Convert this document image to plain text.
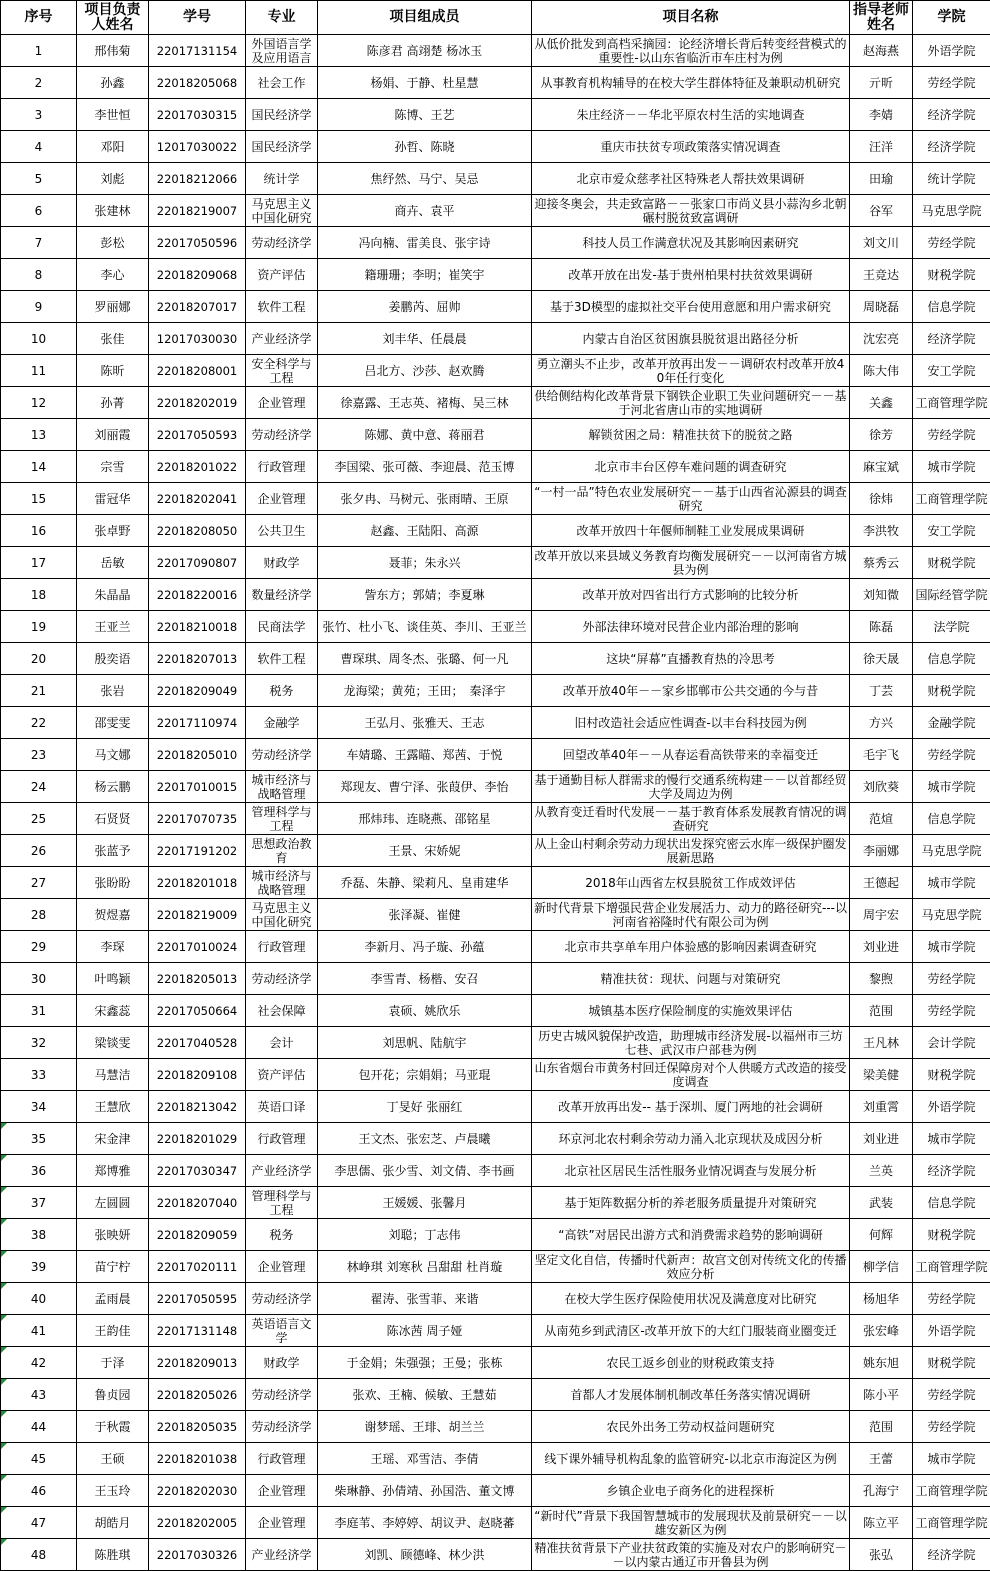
序号	项目负责人姓名	学号	专业	项目组成员	项目名称	指导老师姓名	学院
1	邢伟菊	22017131154	外国语言学及应用语言	陈彦君 高翊楚 杨冰玉	从低价批发到高档采摘园：论经济增长背后转变经营模式的重要性-以山东省临沂市车庄村为例	赵海燕	外语学院
2	孙鑫	22018205068	社会工作	杨娟、于静、杜星慧	从事教育机构辅导的在校大学生群体特征及兼职动机研究	亓昕	劳经学院
3	李世恒	22017030315	国民经济学	陈博、王艺	朱庄经济－－华北平原农村生活的实地调查	李婧	经济学院
4	邓阳	12017030022	国民经济学	孙哲、陈晓	重庆市扶贫专项政策落实情况调查	汪洋	经济学院
5	刘彪	22018212066	统计学	焦纾然、马宁、吴忌	北京市爱众慈孝社区特殊老人帮扶效果调研	田瑜	统计学院
6	张建林	22018219007	马克思主义中国化研究	商卉、袁平	迎接冬奥会，共走致富路－－张家口市尚义县小蒜沟乡北朝碾村脱贫致富调研	谷军	马克思学院
7	彭松	22017050596	劳动经济学	冯向楠、雷美良、张宇诗	科技人员工作满意状况及其影响因素研究	刘文川	劳经学院
8	李心	22018209068	资产评估	籍珊珊；李明；崔笑宇	改革开放在出发-基于贵州柏果村扶贫效果调研	王竞达	财税学院
9	罗丽娜	22018207017	软件工程	姜鹏芮、屈帅	基于3D模型的虚拟社交平台使用意愿和用户需求研究	周晓磊	信息学院
10	张佳	12017030030	产业经济学	刘丰华、任晨晨	内蒙古自治区贫困旗县脱贫退出路径分析	沈宏亮	经济学院
11	陈昕	22018208001	安全科学与工程	吕北方、沙莎、赵欢腾	勇立潮头不止步，改革开放再出发－－调研农村改革开放40年任行变化	陈大伟	安工学院
12	孙菁	22018202019	企业管理	徐嘉露、王志英、褚梅、吴三林	供给侧结构化改革背景下钢铁企业职工失业问题研究－－基于河北省唐山市的实地调研	关鑫	工商管理学院
13	刘丽霞	22017050593	劳动经济学	陈娜、黄中意、蒋丽君	解锁贫困之局：精准扶贫下的脱贫之路	徐芳	劳经学院
14	宗雪	22018201022	行政管理	李国梁、张可薇、李迎晨、范玉博	北京市丰台区停车难问题的调查研究	麻宝斌	城市学院
15	雷冠华	22018202041	企业管理	张夕冉、马树元、张雨晴、王原	“一村一品”特色农业发展研究－－基于山西省沁源县的调查研究	徐炜	工商管理学院
16	张卓野	22018208050	公共卫生	赵鑫、王陆阳、高源	改革开放四十年偃师制鞋工业发展成果调研	李洪牧	安工学院
17	岳敏	22017090807	财政学	聂菲；朱永兴	改革开放以来县域义务教育均衡发展研究－－以河南省方城县为例	蔡秀云	财税学院
18	朱晶晶	22018220016	数量经济学	訾东方；郭婧；李夏琳	改革开放对四省出行方式影响的比较分析	刘知微	国际经管学院
19	王亚兰	22018210018	民商法学	张竹、杜小飞、谈佳英、李川、王亚兰	外部法律环境对民营企业内部治理的影响	陈磊	法学院
20	殷奕语	22018207013	软件工程	曹琛琪、周冬杰、张璐、何一凡	这块“屏幕”直播教育热的冷思考	徐天晟	信息学院
21	张岩	22018209049	税务	龙海梁；黄苑；王田；　秦泽宇	改革开放40年－－家乡邯郸市公共交通的今与昔	丁芸	财税学院
22	邵雯雯	22017110974	金融学	王弘月、张雅天、王志	旧村改造社会适应性调查-以丰台科技园为例	方兴	金融学院
23	马文娜	22018205010	劳动经济学	车婧璐、王露瞄、郑茜、于悦	回望改革40年－－从春运看高铁带来的幸福变迁	毛宇飞	劳经学院
24	杨云鹏	22017010015	城市经济与战略管理	郑现友、曹宁泽、张葭伊、李怡	基于通勤目标人群需求的慢行交通系统构建－－以首都经贸大学及周边为例	刘欣葵	城市学院
25	石贤贤	22017070735	管理科学与工程	邢炜玮、连晓燕、邵铭星	从教育变迁看时代发展－－基于教育体系发展教育情况的调查研究	范煊	信息学院
26	张蓝予	22017191202	思想政治教育	王景、宋娇妮	从上金山村剩余劳动力现状出发探究密云水库一级保护圈发展新思路	李丽娜	马克思学院
27	张盼盼	22018201018	城市经济与战略管理	乔磊、朱静、梁莉凡、皇甫建华	2018年山西省左权县脱贫工作成效评估	王德起	城市学院
28	贺煜嘉	22018219009	马克思主义中国化研究	张泽凝、崔健	新时代背景下增强民营企业发展活力、动力的路径研究---以河南省裕隆时代有限公司为例	周宇宏	马克思学院
29	李琛	22017010024	行政管理	李新月、冯子璇、孙蕴	北京市共享单车用户体验感的影响因素调查研究	刘业进	城市学院
30	叶鸣颖	22018205013	劳动经济学	李雪青、杨楷、安召	精准扶贫：现状、问题与对策研究	黎煦	劳经学院
31	宋鑫蕊	22017050664	社会保障	袁硕、姚欣乐	城镇基本医疗保险制度的实施效果评估	范围	劳经学院
32	梁锬雯	22017040528	会计	刘思帆、陆航宇	历史古城风貌保护改造，助理城市经济发展-以福州市三坊七巷、武汉市户部巷为例	王凡林	会计学院
33	马慧洁	22018209108	资产评估	包开花；宗娟娟；马亚琨	山东省烟台市黄务村回迁保障房对个人供暖方式改造的接受度调查	梁美健	财税学院
34	王慧欣	22018213042	英语口译	丁旻好 张丽红	改革开放再出发-- 基于深圳、厦门两地的社会调研	刘重霄	外语学院
35	宋金津	22018201029	行政管理	王文杰、张宏芝、卢晨曦	环京河北农村剩余劳动力涌入北京现状及成因分析	刘业进	城市学院
36	郑博雅	22017030347	产业经济学	李思儒、张少雪、刘文倩、李书画	北京社区居民生活性服务业情况调查与发展分析	兰英	经济学院
37	左圆圆	22018207040	管理科学与工程	王媛媛、张馨月	基于矩阵数据分析的养老服务质量提升对策研究	武装	信息学院
38	张映妍	22018209059	税务	刘聪；丁志伟	“高铁”对居民出游方式和消费需求趋势的影响调研	何辉	财税学院
39	苗宁柠	22017020111	企业管理	林峥琪 刘寒秋 吕甜甜 杜肖璇	坚定文化自信，传播时代新声：故宫文创对传统文化的传播效应分析	柳学信	工商管理学院
40	孟雨晨	22017050595	劳动经济学	翟涛、张雪菲、来谐	在校大学生医疗保险使用状况及满意度对比研究	杨旭华	劳经学院
41	王韵佳	22017131148	英语语言文学	陈冰茜 周子娅	从南苑乡到武清区-改革开放下的大红门服装商业圈变迁	张宏峰	外语学院
42	于泽	22018209013	财政学	于金娟；朱强强；王曼；张栋	农民工返乡创业的财税政策支持	姚东旭	财税学院
43	鲁贞园	22018205026	劳动经济学	张欢、王楠、候敏、王慧茹	首都人才发展体制机制改革任务落实情况调研	陈小平	劳经学院
44	于秋霞	22018205035	劳动经济学	谢梦瑶、王琲、胡兰兰	农民外出务工劳动权益问题研究	范围	劳经学院
45	王硕	22018201038	行政管理	王瑶、邓雪洁、李倩	线下课外辅导机构乱象的监管研究-以北京市海淀区为例	王蕾	城市学院
46	王玉玲	22018202030	企业管理	柴琳静、孙倩靖、孙国浩、董文博	乡镇企业电子商务化的进程探析	孔海宁	工商管理学院
47	胡皓月	22018202005	企业管理	李庭苇、李婷婷、胡议尹、赵晓蕃	“新时代”背景下我国智慧城市的发展现状及前景研究－－以雄安新区为例	陈立平	工商管理学院
48	陈胜琪	22017030326	产业经济学	刘凯、顾德峰、林少洪	精准扶贫背景下产业扶贫政策的实施及对农户的影响研究－－以内蒙古通辽市开鲁县为例	张弘	经济学院
